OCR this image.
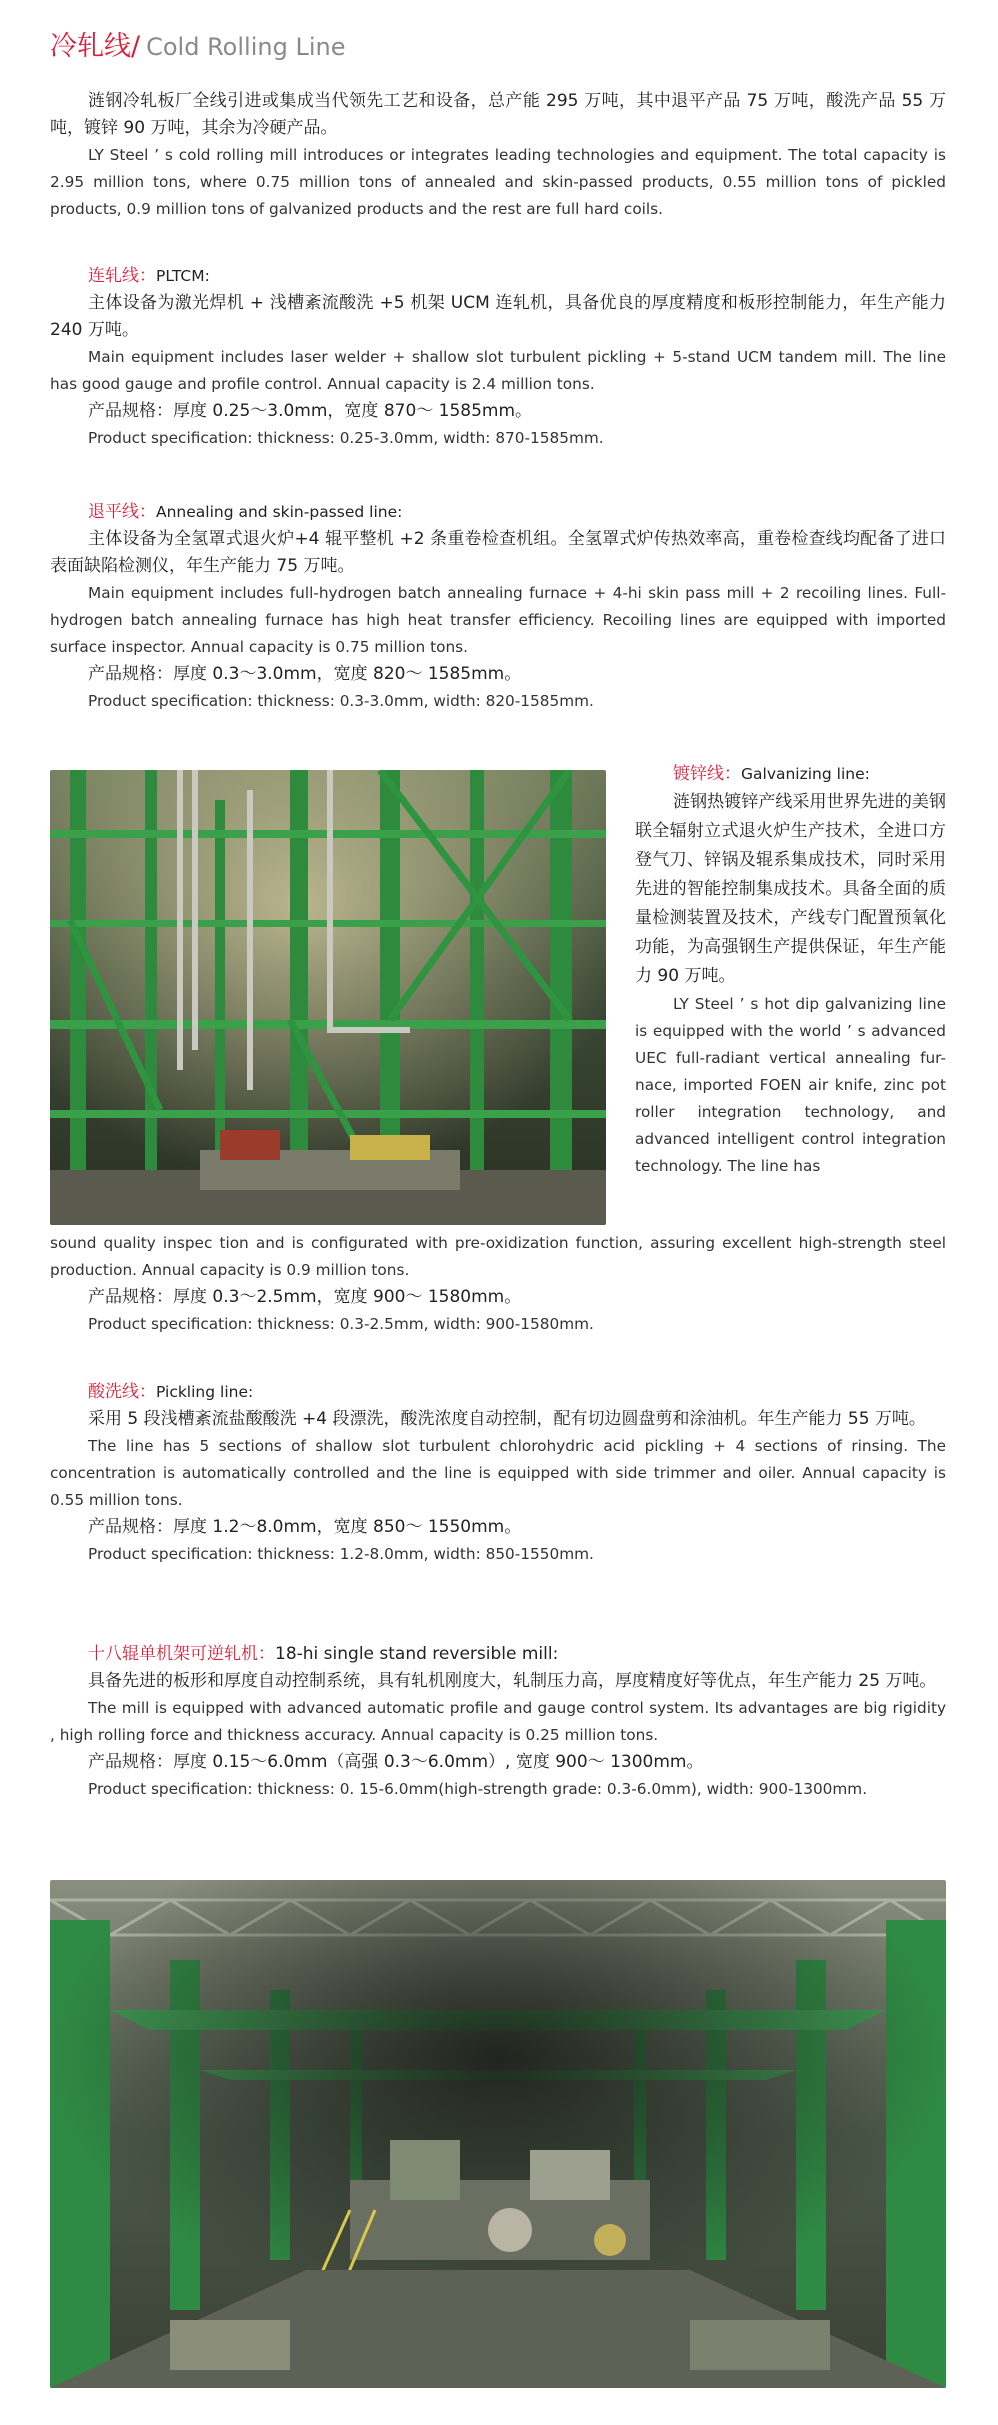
冷轧线/ Cold Rolling Line

涟钢冷轧板厂全线引进或集成当代领先工艺和设备，总产能 295 万吨，其中退平产品 75 万吨，酸洗产品 55 万吨，镀锌 90 万吨，其余为冷硬产品。

LY Steel ’ s cold rolling mill introduces or integrates leading technologies and equipment. The total capacity is 2.95 million tons, where 0.75 million tons of annealed and skin-passed products, 0.55 million tons of pickled products, 0.9 million tons of galvanized products and the rest are full hard coils.

连轧线：PLTCM:

主体设备为激光焊机 + 浅槽紊流酸洗 +5 机架 UCM 连轧机，具备优良的厚度精度和板形控制能力，年生产能力 240 万吨。

Main equipment includes laser welder + shallow slot turbulent pickling + 5-stand UCM tandem mill. The line has good gauge and profile control. Annual capacity is 2.4 million tons.

产品规格：厚度 0.25～3.0mm，宽度 870～ 1585mm。

Product specification: thickness: 0.25-3.0mm, width: 870-1585mm.

退平线：Annealing and skin-passed line:

主体设备为全氢罩式退火炉+4 辊平整机 +2 条重卷检查机组。全氢罩式炉传热效率高，重卷检查线均配备了进口表面缺陷检测仪，年生产能力 75 万吨。

Main equipment includes full-hydrogen batch annealing furnace + 4-hi skin pass mill + 2 recoiling lines. Full-hydrogen batch annealing furnace has high heat transfer efficiency. Recoiling lines are equipped with imported surface inspector. Annual capacity is 0.75 million tons.

产品规格：厚度 0.3～3.0mm，宽度 820～ 1585mm。

Product specification: thickness: 0.3-3.0mm, width: 820-1585mm.

镀锌线：Galvanizing line:

涟钢热镀锌产线采用世界先进的美钢联全辐射立式退火炉生产技术，全进口方登气刀、锌锅及辊系集成技术，同时采用先进的智能控制集成技术。具备全面的质量检测装置及技术，产线专门配置预氧化功能，为高强钢生产提供保证，年生产能力 90 万吨。

LY Steel ’ s hot dip galvanizing line is equipped with the world ’ s advanced UEC full-radiant vertical annealing fur- nace, imported FOEN air knife, zinc pot roller integration technology, and advanced intelligent control integration technology. The line has

sound quality inspec tion and is configurated with pre-oxidization function, assuring excellent high-strength steel production. Annual capacity is 0.9 million tons.

产品规格：厚度 0.3～2.5mm，宽度 900～ 1580mm。

Product specification: thickness: 0.3-2.5mm, width: 900-1580mm.

酸洗线：Pickling line:

采用 5 段浅槽紊流盐酸酸洗 +4 段漂洗，酸洗浓度自动控制，配有切边圆盘剪和涂油机。年生产能力 55 万吨。

The line has 5 sections of shallow slot turbulent chlorohydric acid pickling + 4 sections of rinsing. The concentration is automatically controlled and the line is equipped with side trimmer and oiler. Annual capacity is 0.55 million tons.

产品规格：厚度 1.2～8.0mm，宽度 850～ 1550mm。

Product specification: thickness: 1.2-8.0mm, width: 850-1550mm.

十八辊单机架可逆轧机：18-hi single stand reversible mill:

具备先进的板形和厚度自动控制系统，具有轧机刚度大，轧制压力高，厚度精度好等优点，年生产能力 25 万吨。

The mill is equipped with advanced automatic profile and gauge control system. Its advantages are big rigidity , high rolling force and thickness accuracy. Annual capacity is 0.25 million tons.

产品规格：厚度 0.15～6.0mm（高强 0.3～6.0mm）, 宽度 900～ 1300mm。

Product specification: thickness: 0. 15-6.0mm(high-strength grade: 0.3-6.0mm), width: 900-1300mm.
